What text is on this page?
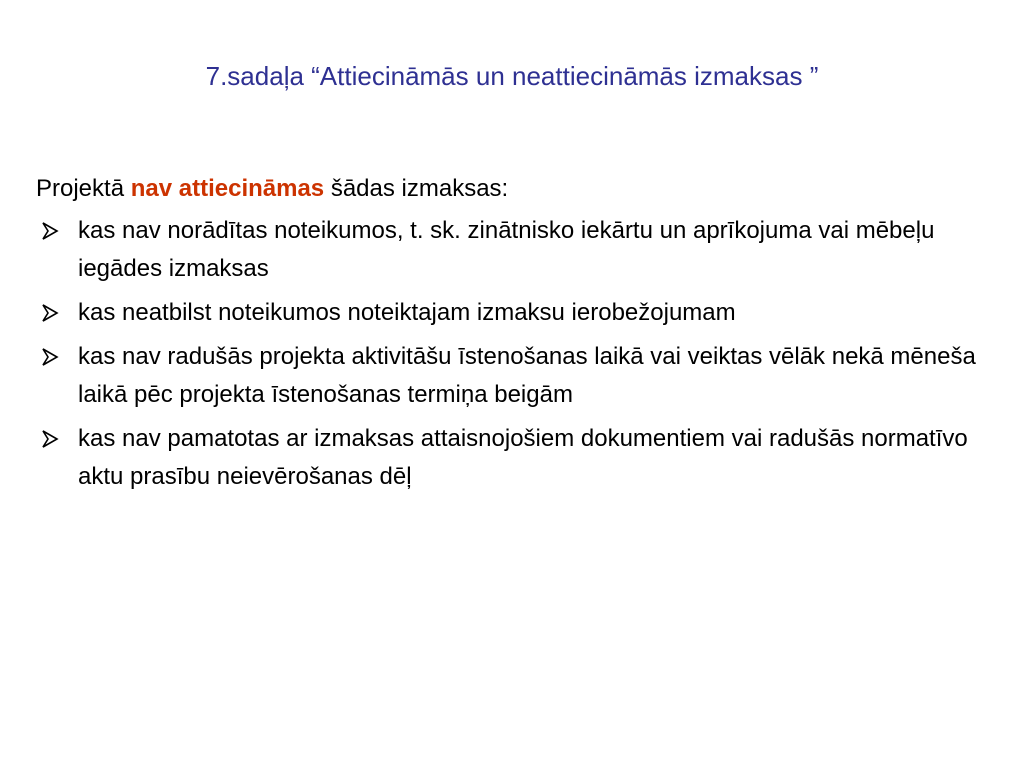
7.sadaļa “Attiecināmās un neattiecināmās izmaksas ”

Projektā nav attiecināmas šādas izmaksas:

kas nav norādītas noteikumos, t. sk. zinātnisko iekārtu un aprīkojuma vai mēbeļu iegādes izmaksas
kas neatbilst noteikumos noteiktajam izmaksu ierobežojumam
kas nav radušās projekta aktivitāšu īstenošanas laikā vai veiktas vēlāk nekā mēneša laikā pēc projekta īstenošanas termiņa beigām
kas nav pamatotas ar izmaksas attaisnojošiem dokumentiem vai radušās normatīvo aktu prasību neievērošanas dēļ
